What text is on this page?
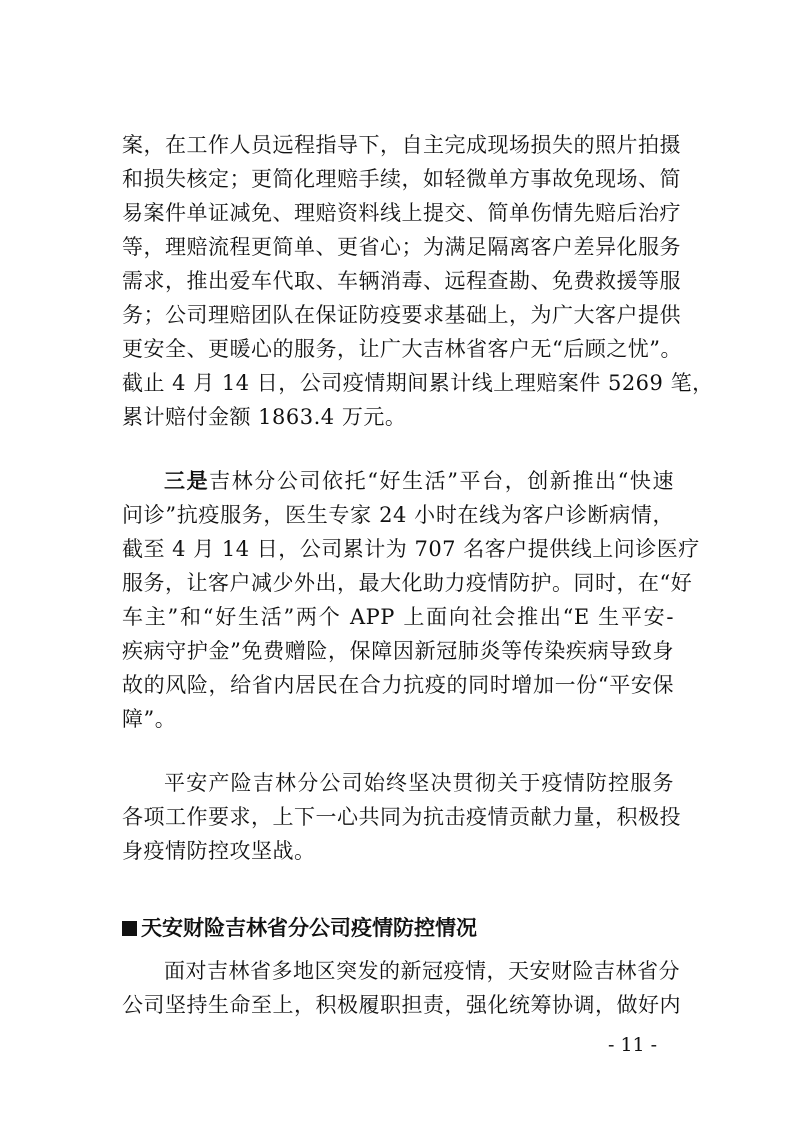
案，在工作人员远程指导下，自主完成现场损失的照片拍摄
和损失核定；更简化理赔手续，如轻微单方事故免现场、简
易案件单证减免、理赔资料线上提交、简单伤情先赔后治疗
等，理赔流程更简单、更省心；为满足隔离客户差异化服务
需求，推出爱车代取、车辆消毒、远程查勘、免费救援等服
务；公司理赔团队在保证防疫要求基础上，为广大客户提供
更安全、更暖心的服务，让广大吉林省客户无“后顾之忧”。
截止 4 月 14 日，公司疫情期间累计线上理赔案件 5269 笔，
累计赔付金额 1863.4 万元。
三是吉林分公司依托“好生活”平台，创新推出“快速
问诊”抗疫服务，医生专家 24 小时在线为客户诊断病情，
截至 4 月 14 日，公司累计为 707 名客户提供线上问诊医疗
服务，让客户减少外出，最大化助力疫情防护。同时，在“好
车主”和“好生活”两个 APP 上面向社会推出“E 生平安-
疾病守护金”免费赠险，保障因新冠肺炎等传染疾病导致身
故的风险，给省内居民在合力抗疫的同时增加一份“平安保
障”。
平安产险吉林分公司始终坚决贯彻关于疫情防控服务
各项工作要求，上下一心共同为抗击疫情贡献力量，积极投
身疫情防控攻坚战。
天安财险吉林省分公司疫情防控情况
面对吉林省多地区突发的新冠疫情，天安财险吉林省分
公司坚持生命至上，积极履职担责，强化统筹协调，做好内
- 11 -
